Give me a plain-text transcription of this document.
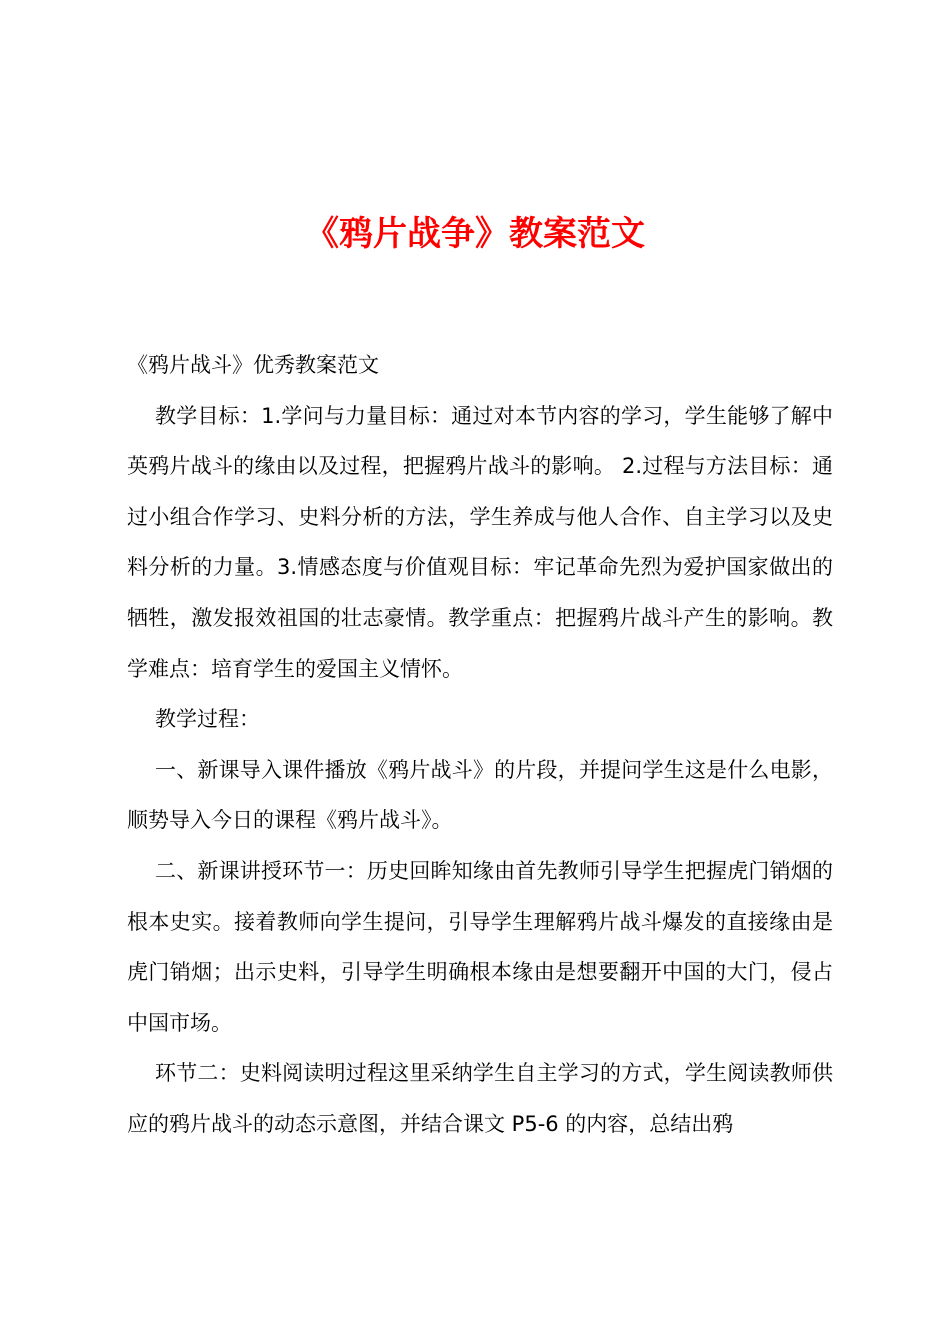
《鸦片战争》教案范文

《鸦片战斗》优秀教案范文

教学目标：1.学问与力量目标：通过对本节内容的学习，学生能够了解中英鸦片战斗的缘由以及过程，把握鸦片战斗的影响。 2.过程与方法目标：通过小组合作学习、史料分析的方法，学生养成与他人合作、自主学习以及史料分析的力量。3.情感态度与价值观目标：牢记革命先烈为爱护国家做出的牺牲，激发报效祖国的壮志豪情。教学重点：把握鸦片战斗产生的影响。教学难点：培育学生的爱国主义情怀。

教学过程：

一、新课导入课件播放《鸦片战斗》的片段，并提问学生这是什么电影，顺势导入今日的课程《鸦片战斗》。

二、新课讲授环节一：历史回眸知缘由首先教师引导学生把握虎门销烟的根本史实。接着教师向学生提问，引导学生理解鸦片战斗爆发的直接缘由是虎门销烟；出示史料，引导学生明确根本缘由是想要翻开中国的大门，侵占中国市场。

环节二：史料阅读明过程这里采纳学生自主学习的方式，学生阅读教师供应的鸦片战斗的动态示意图，并结合课文 P5-6 的内容，总结出鸦
